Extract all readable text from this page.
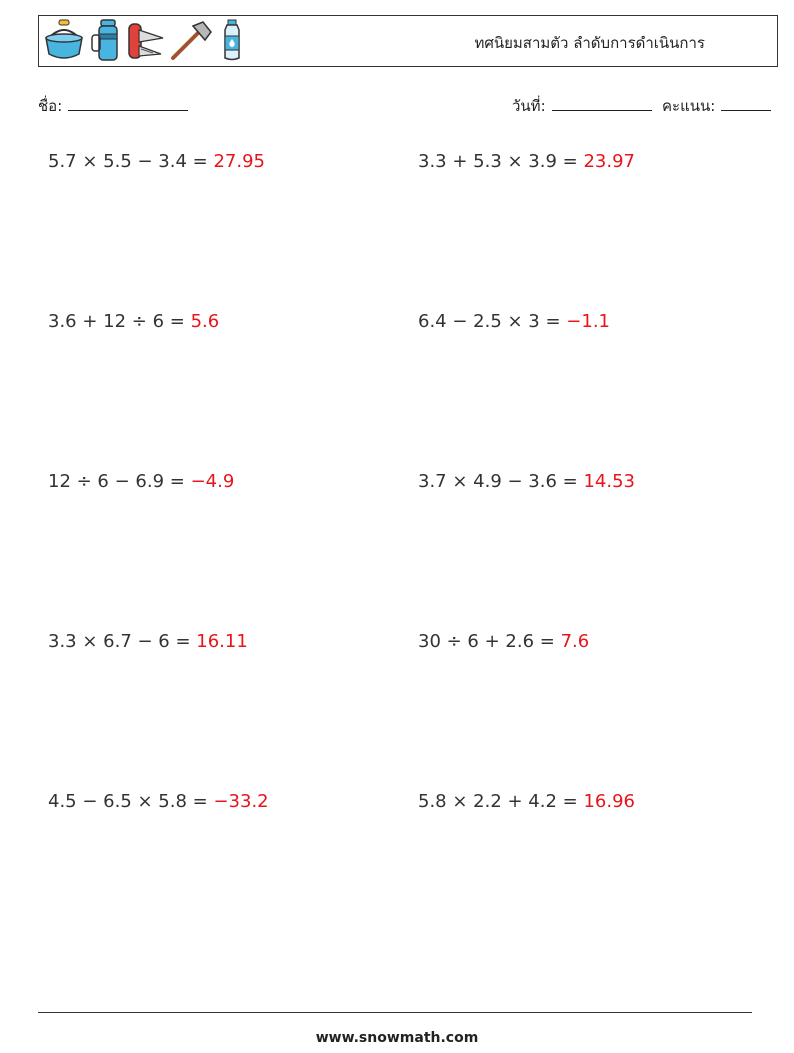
ทศนิยมสามตัว ลำดับการดำเนินการ
ชื่อ:	วันที่:	คะแนน:
5.7 × 5.5 − 3.4 = 27.95	3.3 + 5.3 × 3.9 = 23.97
3.6 + 12 ÷ 6 = 5.6	6.4 − 2.5 × 3 = −1.1
12 ÷ 6 − 6.9 = −4.9	3.7 × 4.9 − 3.6 = 14.53
3.3 × 6.7 − 6 = 16.11	30 ÷ 6 + 2.6 = 7.6
4.5 − 6.5 × 5.8 = −33.2	5.8 × 2.2 + 4.2 = 16.96
www.snowmath.com
